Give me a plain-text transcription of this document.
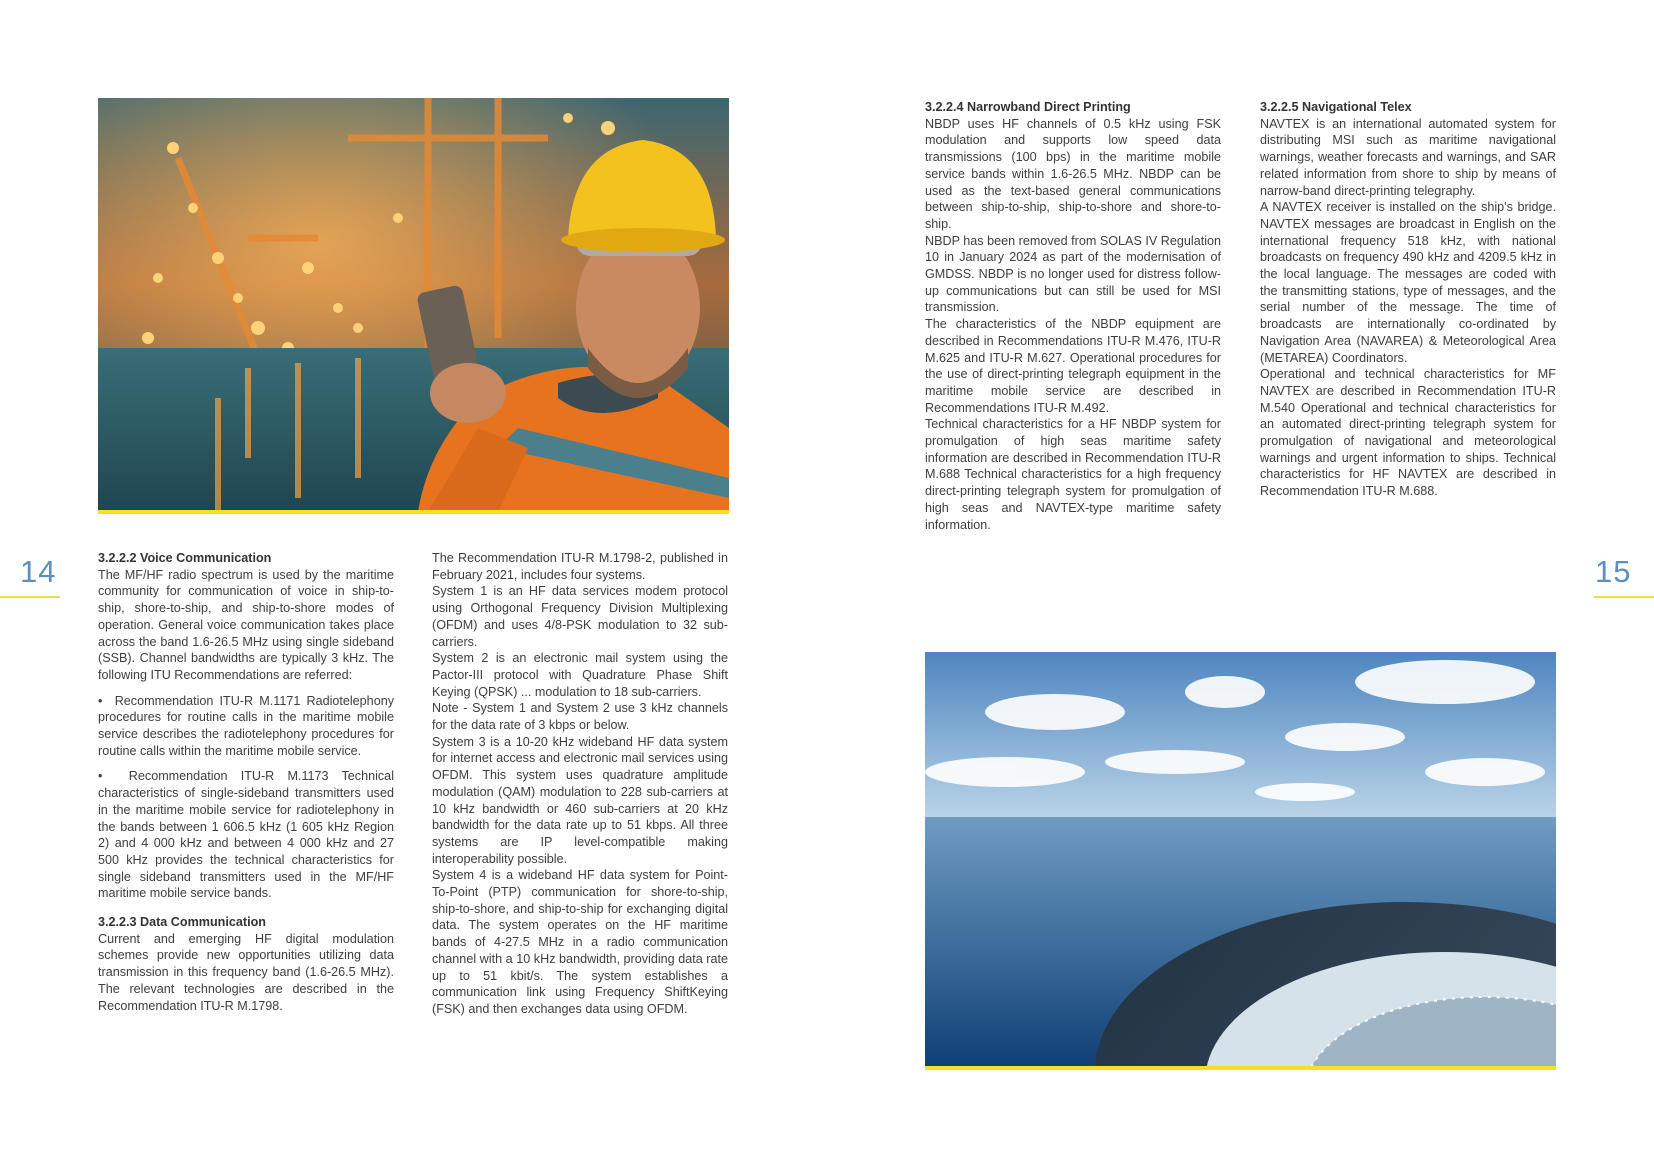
14	15
3.2.2.2 Voice Communication

The MF/HF radio spectrum is used by the maritime community for communication of voice in ship-to-ship, shore-to-ship, and ship-to-shore modes of operation. General voice communication takes place across the band 1.6-26.5 MHz using single sideband (SSB). Channel bandwidths are typically 3 kHz. The following ITU Recommendations are referred:

•  Recommendation ITU-R M.1171 Radiotelephony procedures for routine calls in the maritime mobile service describes the radiotelephony procedures for routine calls within the maritime mobile service.

•  Recommendation ITU-R M.1173 Technical characteristics of single-sideband transmitters used in the maritime mobile service for radiotelephony in the bands between 1 606.5 kHz (1 605 kHz Region 2) and 4 000 kHz and between 4 000 kHz and 27 500 kHz provides the technical characteristics for single sideband transmitters used in the MF/HF maritime mobile service bands.

3.2.2.3 Data Communication

Current and emerging HF digital modulation schemes provide new opportunities utilizing data transmission in this frequency band (1.6-26.5 MHz). The relevant technologies are described in the Recommendation ITU-R M.1798.

The Recommendation ITU-R M.1798-2, published in February 2021, includes four systems.

System 1 is an HF data services modem protocol using Orthogonal Frequency Division Multiplexing (OFDM) and uses 4/8-PSK modulation to 32 sub-carriers.

System 2 is an electronic mail system using the Pactor-III protocol with Quadrature Phase Shift Keying (QPSK) ... modulation to 18 sub-carriers.

Note - System 1 and System 2 use 3 kHz channels for the data rate of 3 kbps or below.

System 3 is a 10-20 kHz wideband HF data system for internet access and electronic mail services using OFDM. This system uses quadrature amplitude modulation (QAM) modulation to 228 sub-carriers at 10 kHz bandwidth or 460 sub-carriers at 20 kHz bandwidth for the data rate up to 51 kbps. All three systems are IP level-compatible making interoperability possible.

System 4 is a wideband HF data system for Point-To-Point (PTP) communication for shore-to-ship, ship-to-shore, and ship-to-ship for exchanging digital data. The system operates on the HF maritime bands of 4-27.5 MHz in a radio communication channel with a 10 kHz bandwidth, providing data rate up to 51 kbit/s. The system establishes a communication link using Frequency ShiftKeying (FSK) and then exchanges data using OFDM.

3.2.2.4 Narrowband Direct Printing

NBDP uses HF channels of 0.5 kHz using FSK modulation and supports low speed data transmissions (100 bps) in the maritime mobile service bands within 1.6-26.5 MHz. NBDP can be used as the text-based general communications between ship-to-ship, ship-to-shore and shore-to-ship.

NBDP has been removed from SOLAS IV Regulation 10 in January 2024 as part of the modernisation of GMDSS. NBDP is no longer used for distress follow-up communications but can still be used for MSI transmission.

The characteristics of the NBDP equipment are described in Recommendations ITU-R M.476, ITU-R M.625 and ITU-R M.627. Operational procedures for the use of direct-printing telegraph equipment in the maritime mobile service are described in Recommendations ITU-R M.492.

Technical characteristics for a HF NBDP system for promulgation of high seas maritime safety information are described in Recommendation ITU-R M.688 Technical characteristics for a high frequency direct-printing telegraph system for promulgation of high seas and NAVTEX-type maritime safety information.

3.2.2.5 Navigational Telex

NAVTEX is an international automated system for distributing MSI such as maritime navigational warnings, weather forecasts and warnings, and SAR related information from shore to ship by means of narrow-band direct-printing telegraphy.

A NAVTEX receiver is installed on the ship's bridge. NAVTEX messages are broadcast in English on the international frequency 518 kHz, with national broadcasts on frequency 490 kHz and 4209.5 kHz in the local language. The messages are coded with the transmitting stations, type of messages, and the serial number of the message. The time of broadcasts are internationally co-ordinated by Navigation Area (NAVAREA) & Meteorological Area (METAREA) Coordinators.

Operational and technical characteristics for MF NAVTEX are described in Recommendation ITU-R M.540 Operational and technical characteristics for an automated direct-printing telegraph system for promulgation of navigational and meteorological warnings and urgent information to ships. Technical characteristics for HF NAVTEX are described in Recommendation ITU-R M.688.
